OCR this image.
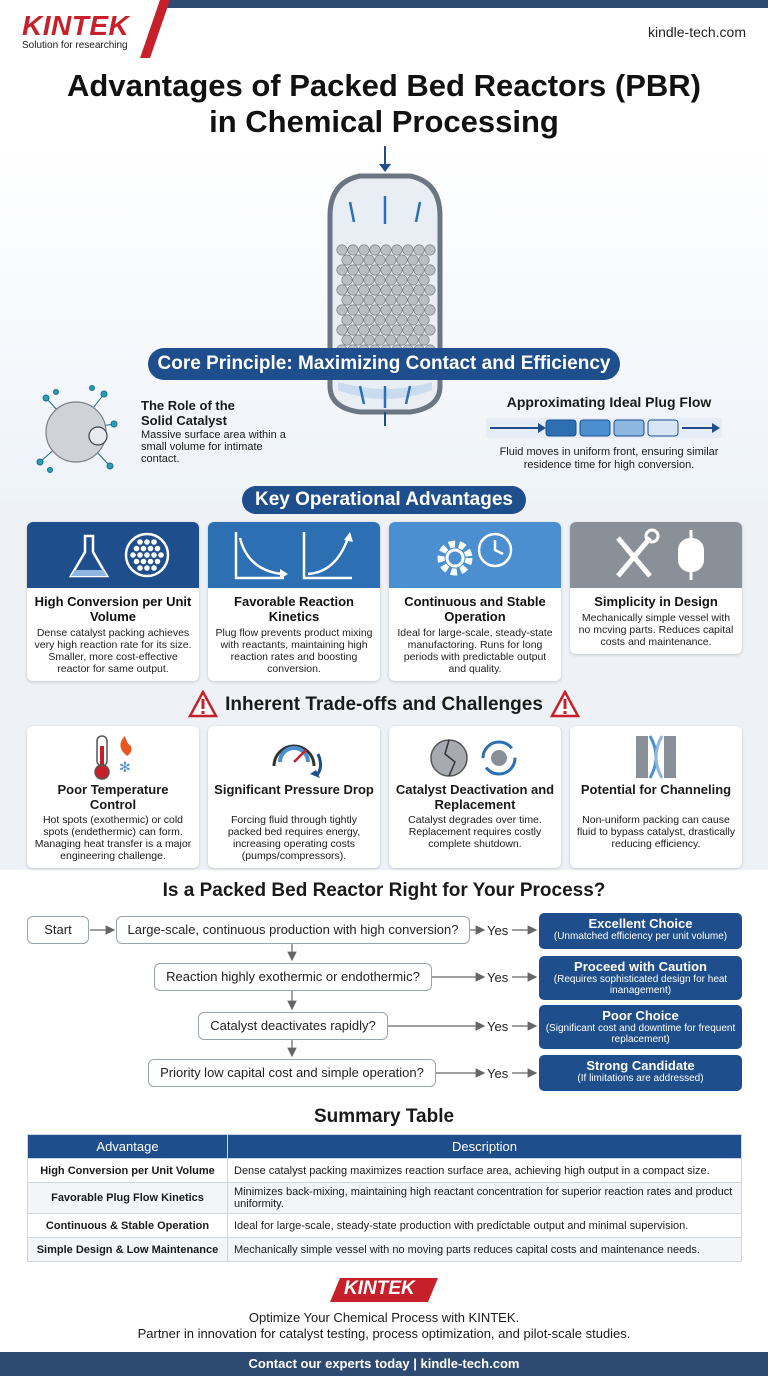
KINTEK
Solution for researching
kindle-tech.com
Advantages of Packed Bed Reactors (PBR)
in Chemical Processing
Core Principle: Maximizing Contact and Efficiency
The Role of the Solid Catalyst
Massive surface area within a small volume for intimate contact.
Approximating Ideal Plug Flow
Fluid moves in uniform front, ensuring similar residence time for high conversion.
Key Operational Advantages
High Conversion per Unit Volume
Dense catalyst packing achieves very high reaction rate for its size. Smaller, more cost-effective reactor for same output.
Favorable Reaction Kinetics
Plug flow prevents product mixing with reactants, maintaining high reaction rates and boosting conversion.
Continuous and Stable Operation
Ideal for large-scale, steady-state manufactoring. Runs for long periods with predictable output and quality.
Simplicity in Design
Mechanically simple vessel with no mcving parts. Reduces capital costs and maintenance.
Inherent Trade-offs and Challenges
✻
Poor Temperature Control
Hot spots (exothermic) or cold spots (endethermic) can form. Managing heat transfer is a major engineering challenge.
Significant Pressure Drop
Forcing fluid through tightly packed bed requires energy, increasing operating costs (pumps/compressors).
Catalyst Deactivation and Replacement
Catalyst degrades over time. Replacement requires costly complete shutdown.
Potential for Channeling
Non-uniform packing can cause fluid to bypass catalyst, drastically reducing efficiency.
Is a Packed Bed Reactor Right for Your Process?
Start	Large-scale, continuous production with high conversion?
Reaction highly exothermic or endothermic?
Catalyst deactivates rapidly?
Priority low capital cost and simple operation?
Yes
Yes
Yes
Yes
Excellent Choice
(Unmatched efficiency per unit volume)
Proceed with Caution
(Requires sophisticated design for heat inanagement)
Poor Choice
(Significant cost and downtime for frequent replacement)
Strong Candidate
(If limitations are addressed)
Summary Table
Advantage	Description
High Conversion per Unit Volume	Dense catalyst packing maximizes reaction surface area, achieving high output in a compact size.
Favorable Plug Flow Kinetics	Minimizes back-mixing, maintaining high reactant concentration for superior reaction rates and product uniformity.
Continuous & Stable Operation	Ideal for large-scale, steady-state production with predictable output and minimal supervision.
Simple Design & Low Maintenance	Mechanically simple vessel with no moving parts reduces capital costs and maintenance needs.
KINTEK
Optimize Your Chemical Process with KINTEK.
Partner in innovation for catalyst testing, process optimization, and pilot-scale studies.
Contact our experts today | kindle-tech.com
